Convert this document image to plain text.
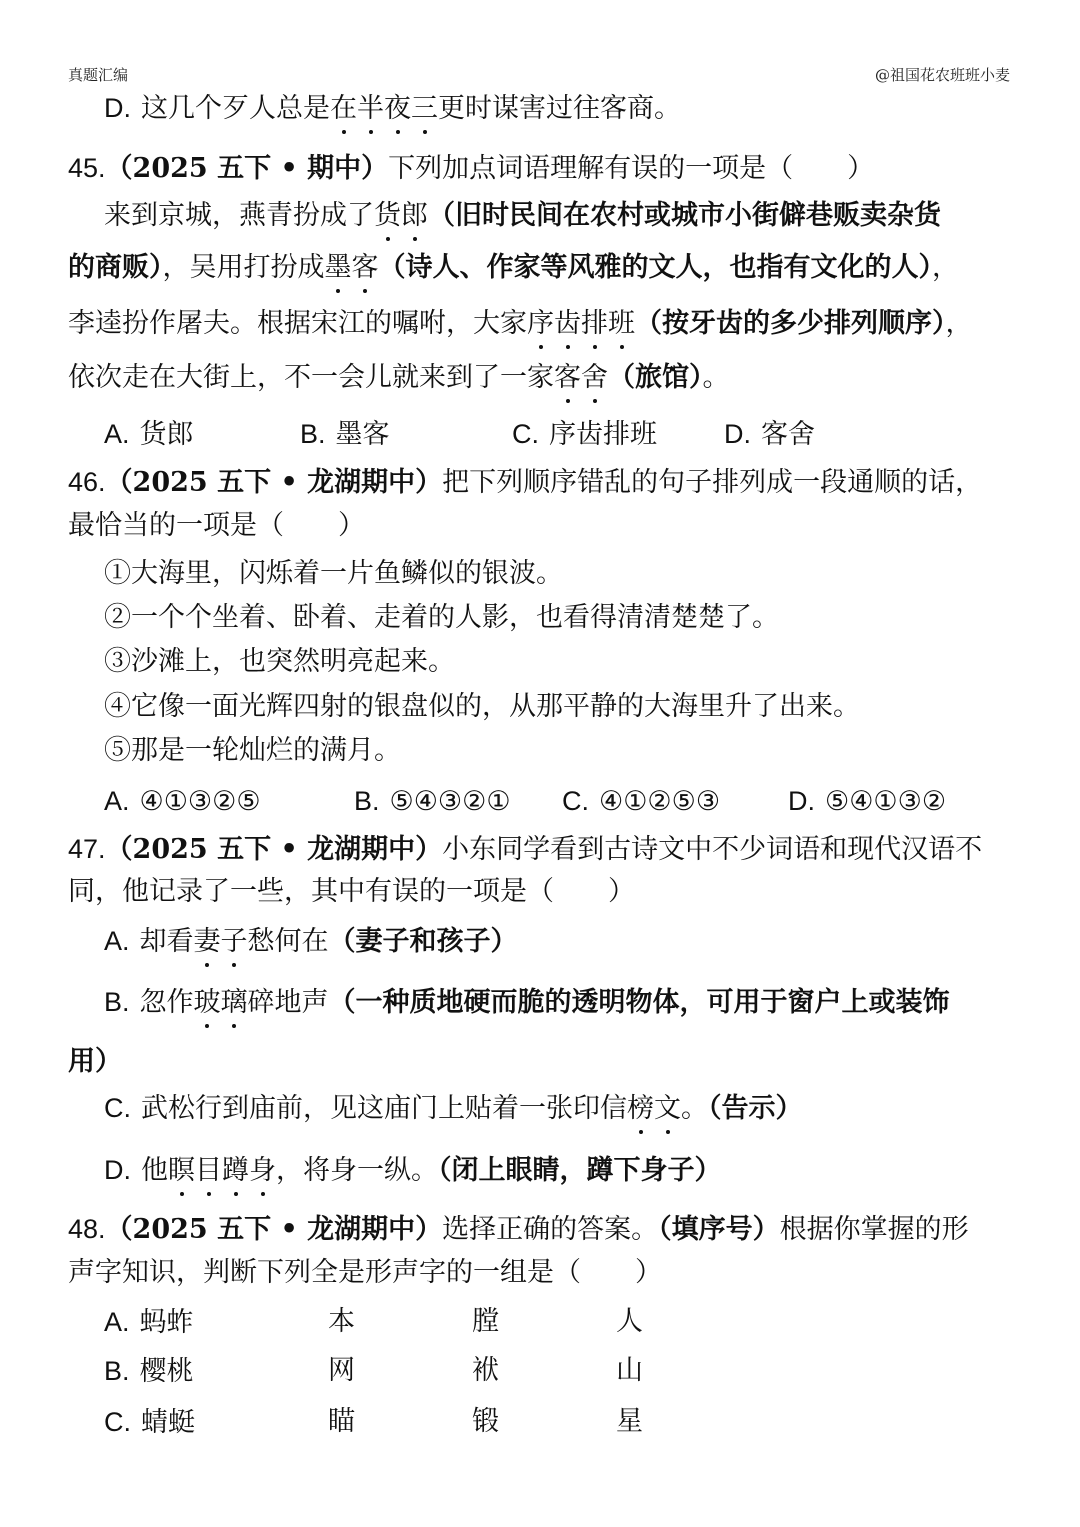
真题汇编	@祖国花农班班小麦
D. 这几个歹人总是在半夜三更时谋害过往客商。
45.（2025 五下 • 期中）下列加点词语理解有误的一项是（　　）
来到京城，燕青扮成了货郎（旧时民间在农村或城市小街僻巷贩卖杂货
的商贩），吴用打扮成墨客（诗人、作家等风雅的文人，也指有文化的人），
李逵扮作屠夫。根据宋江的嘱咐，大家序齿排班（按牙齿的多少排列顺序），
依次走在大街上，不一会儿就来到了一家客舍（旅馆）。
A. 货郎	B. 墨客	C. 序齿排班 D. 客舍
46.（2025 五下 • 龙湖期中）把下列顺序错乱的句子排列成一段通顺的话，
最恰当的一项是（　　）
①大海里，闪烁着一片鱼鳞似的银波。
②一个个坐着、卧着、走着的人影，也看得清清楚楚了。
③沙滩上，也突然明亮起来。
④它像一面光辉四射的银盘似的，从那平静的大海里升了出来。
⑤那是一轮灿烂的满月。
A. ④①③②⑤	B. ⑤④③②① C. ④①②⑤③	D. ⑤④①③②
47.（2025 五下 • 龙湖期中）小东同学看到古诗文中不少词语和现代汉语不
同，他记录了一些，其中有误的一项是（　　）
A. 却看妻子愁何在（妻子和孩子）
B. 忽作玻璃碎地声（一种质地硬而脆的透明物体，可用于窗户上或装饰
用）
C. 武松行到庙前，见这庙门上贴着一张印信榜文。（告示）
D. 他瞑目蹲身，将身一纵。（闭上眼睛，蹲下身子）
48.（2025 五下 • 龙湖期中）选择正确的答案。（填序号）根据你掌握的形
声字知识，判断下列全是形声字的一组是（　　）
A. 蚂蚱	本	膛	人
B. 樱桃	网	袱	山
C. 蜻蜓	瞄	锻	星
